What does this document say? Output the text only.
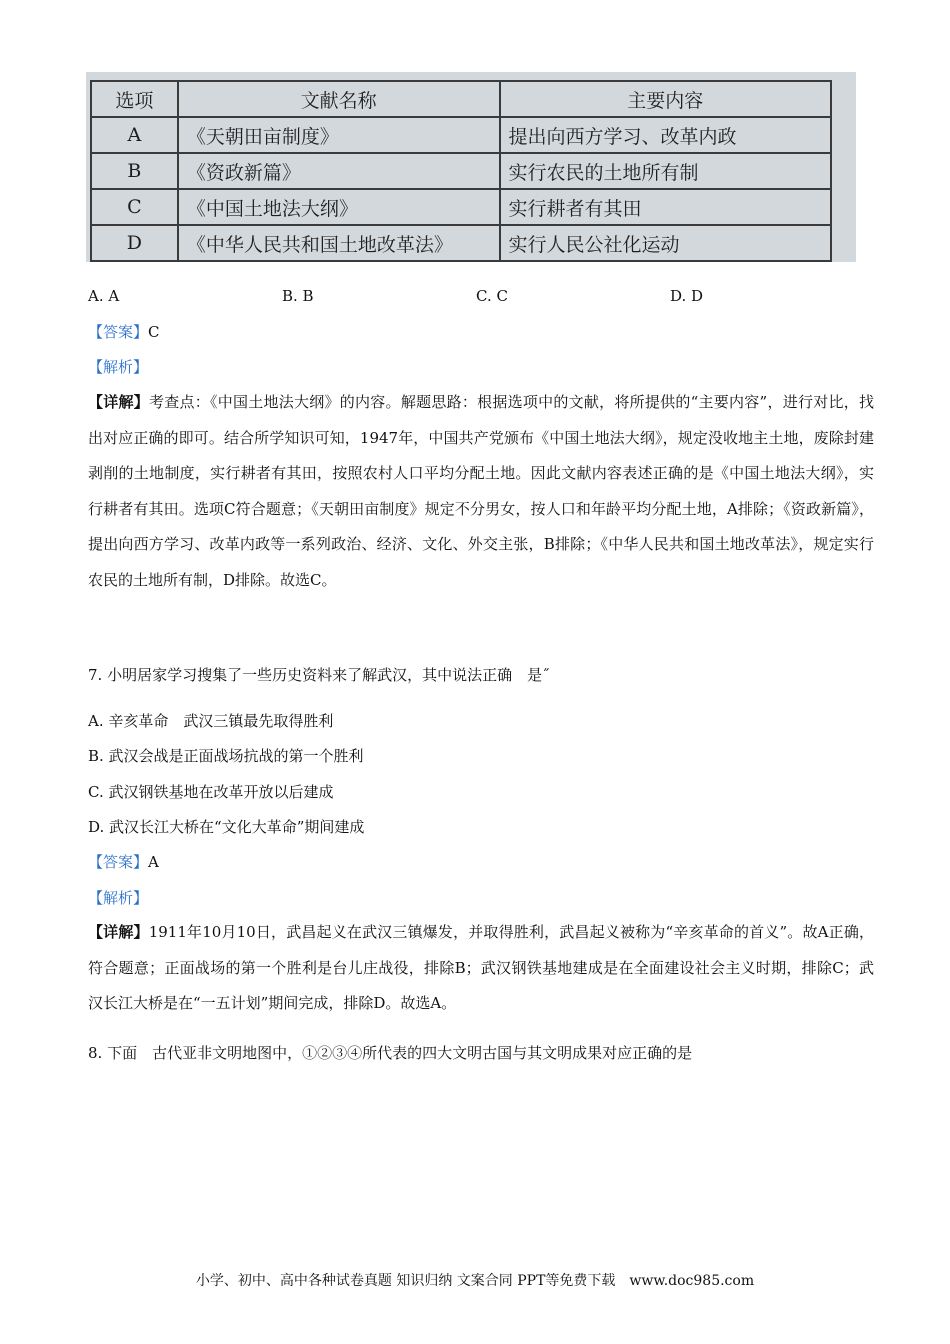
选项	文献名称	主要内容
A	《天朝田亩制度》	提出向西方学习、改革内政
B	《资政新篇》	实行农民的土地所有制
C	《中国土地法大纲》	实行耕者有其田
D	《中华人民共和国土地改革法》	实行人民公社化运动
A. A	B. B	C. C	D. D
【答案】C
【解析】
【详解】考查点：《中国土地法大纲》的内容。解题思路：根据选项中的文献，将所提供的“主要内容”，进行对比，找出对应正确的即可。结合所学知识可知，1947年，中国共产党颁布《中国土地法大纲》，规定没收地主土地，废除封建剥削的土地制度，实行耕者有其田，按照农村人口平均分配土地。因此文献内容表述正确的是《中国土地法大纲》，实行耕者有其田。选项C符合题意；《天朝田亩制度》规定不分男女，按人口和年龄平均分配土地，A排除；《资政新篇》，提出向西方学习、改革内政等一系列政治、经济、文化、外交主张，B排除；《中华人民共和国土地改革法》，规定实行农民的土地所有制，D排除。故选C。
7. 小明居家学习搜集了一些历史资料来了解武汉，其中说法正确　是˝
A. 辛亥革命　武汉三镇最先取得胜利
B. 武汉会战是正面战场抗战的第一个胜利
C. 武汉钢铁基地在改革开放以后建成
D. 武汉长江大桥在“文化大革命”期间建成
【答案】A
【解析】
【详解】1911年10月10日，武昌起义在武汉三镇爆发，并取得胜利，武昌起义被称为“辛亥革命的首义”。故A正确，符合题意；正面战场的第一个胜利是台儿庄战役，排除B；武汉钢铁基地建成是在全面建设社会主义时期，排除C；武汉长江大桥是在“一五计划”期间完成，排除D。故选A。
8. 下面　古代亚非文明地图中，①②③④所代表的四大文明古国与其文明成果对应正确的是
小学、初中、高中各种试卷真题 知识归纳 文案合同 PPT等免费下载　www.doc985.com
